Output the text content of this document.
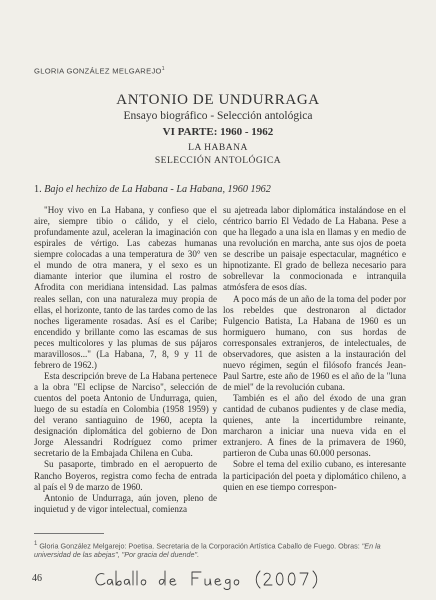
GLORIA GONZÁLEZ MELGAREJO$^1$
ANTONIO DE UNDURRAGA
Ensayo biográfico - Selección antológica
VI PARTE: 1960 - 1962
LA HABANA
SELECCIÓN ANTOLÓGICA
1. Bajo el hechizo de La Habana - La Habana, 1960 1962

"Hoy vivo en La Habana, y confieso que el aire, siempre tibio o cálido, y el cielo, profundamente azul, aceleran la imaginación con espirales de vértigo. Las cabezas humanas siempre colocadas a una temperatura de 30° ven el mundo de otra manera, y el sexo es un diamante interior que ilumina el rostro de Afrodita con meridiana intensidad. Las palmas reales sellan, con una naturaleza muy propia de ellas, el horizonte, tanto de las tardes como de las noches ligeramente rosadas. Así es el Caribe; encendido y brillante como las escamas de sus peces multicolores y las plumas de sus pájaros maravillosos..." (La Habana, 7, 8, 9 y 11 de febrero de 1962.)

Esta descripción breve de La Habana pertenece a la obra "El eclipse de Narciso", selección de cuentos del poeta Antonio de Undurraga, quien, luego de su estadía en Colombia (1958 1959) y del verano santiaguino de 1960, acepta la designación diplomática del gobierno de Don Jorge Alessandri Rodríguez como primer secretario de la Embajada Chilena en Cuba.

Su pasaporte, timbrado en el aeropuerto de Rancho Boyeros, registra como fecha de entrada al país el 9 de marzo de 1960.

Antonio de Undurraga, aún joven, pleno de inquietud y de vigor intelectual, comienza

su ajetreada labor diplomática instalándose en el céntrico barrio El Vedado de La Habana. Pese a que ha llegado a una isla en llamas y en medio de una revolución en marcha, ante sus ojos de poeta se describe un paisaje espectacular, magnético e hipnotizante. El grado de belleza necesario para sobrellevar la conmocionada e intranquila atmósfera de esos días.

A poco más de un año de la toma del poder por los rebeldes que destronaron al dictador Fulgencio Batista, La Habana de 1960 es un hormiguero humano, con sus hordas de corresponsales extranjeros, de intelectuales, de observadores, que asisten a la instauración del nuevo régimen, según el filósofo francés Jean-Paul Sartre, este año de 1960 es el año de la "luna de miel" de la revolución cubana.

También es el año del éxodo de una gran cantidad de cubanos pudientes y de clase media, quienes, ante la incertidumbre reinante, marcharon a iniciar una nueva vida en el extranjero. A fines de la primavera de 1960, partieron de Cuba unas 60.000 personas.

Sobre el tema del exilio cubano, es interesante la participación del poeta y diplomático chileno, a quien en ese tiempo correspon-

$^1$ Gloria González Melgarejo: Poetisa. Secretaria de la Corporación Artística Caballo de Fuego. Obras: "En la universidad de las abejas", "Por gracia del duende".
46
